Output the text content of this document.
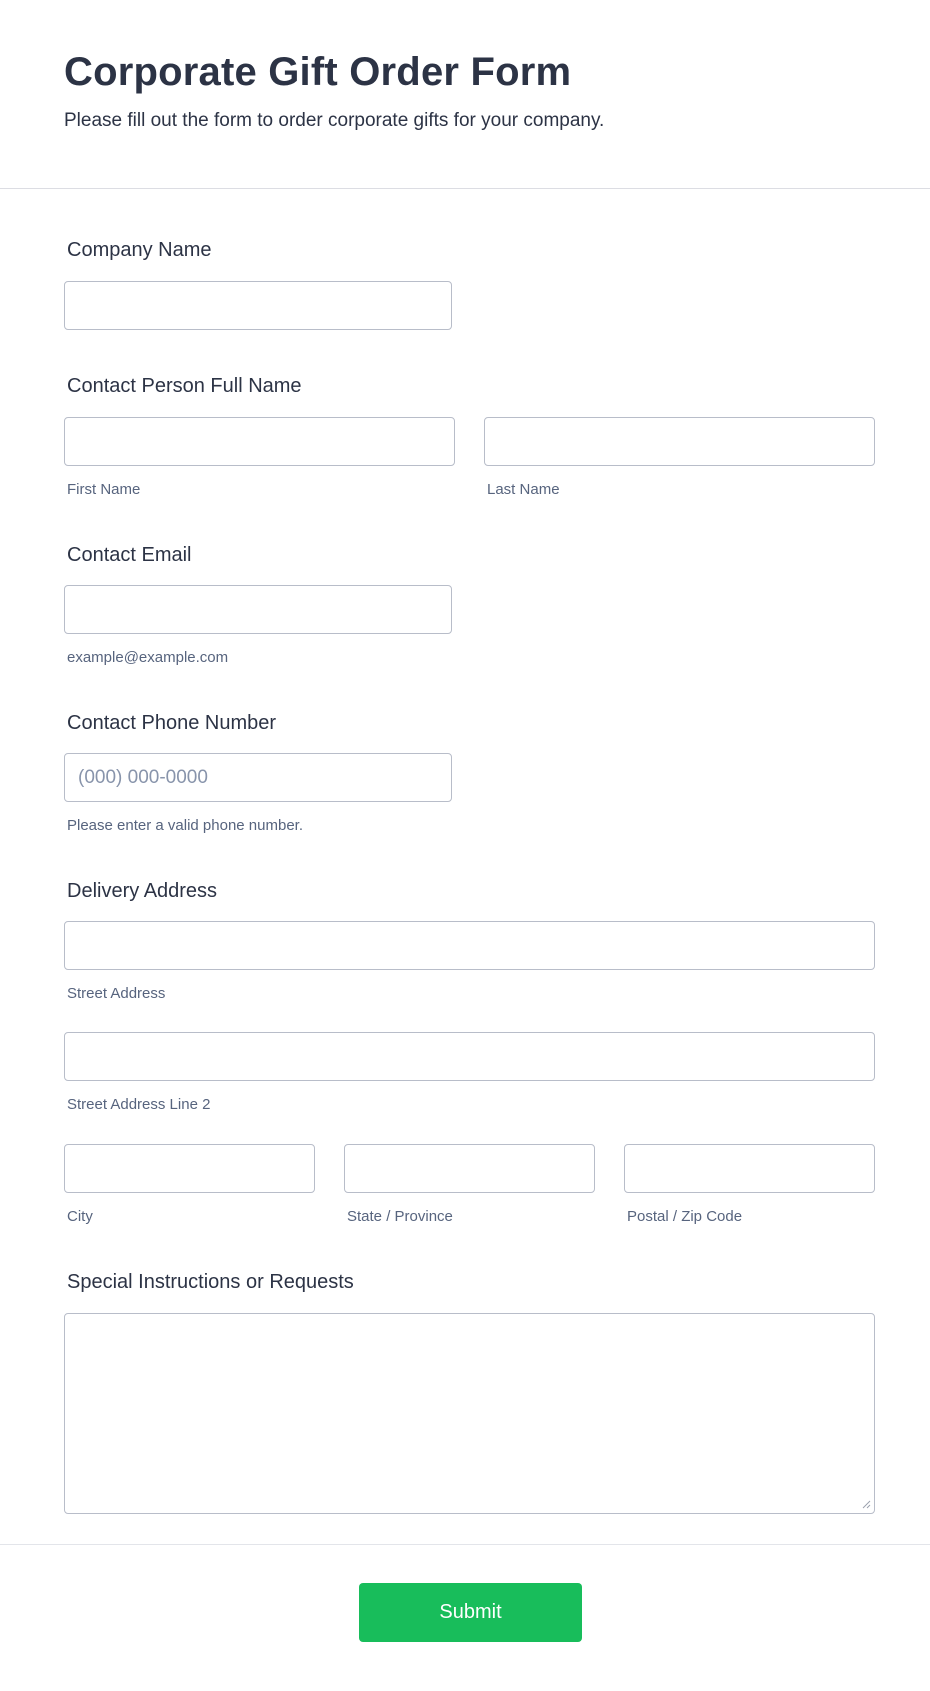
Corporate Gift Order Form

Please fill out the form to order corporate gifts for your company.

Company Name
Contact Person Full Name
First Name	Last Name
Contact Email
example@example.com
Contact Phone Number
(000) 000-0000
Please enter a valid phone number.
Delivery Address
Street Address
Street Address Line 2
City	State / Province	Postal / Zip Code
Special Instructions or Requests
Submit
